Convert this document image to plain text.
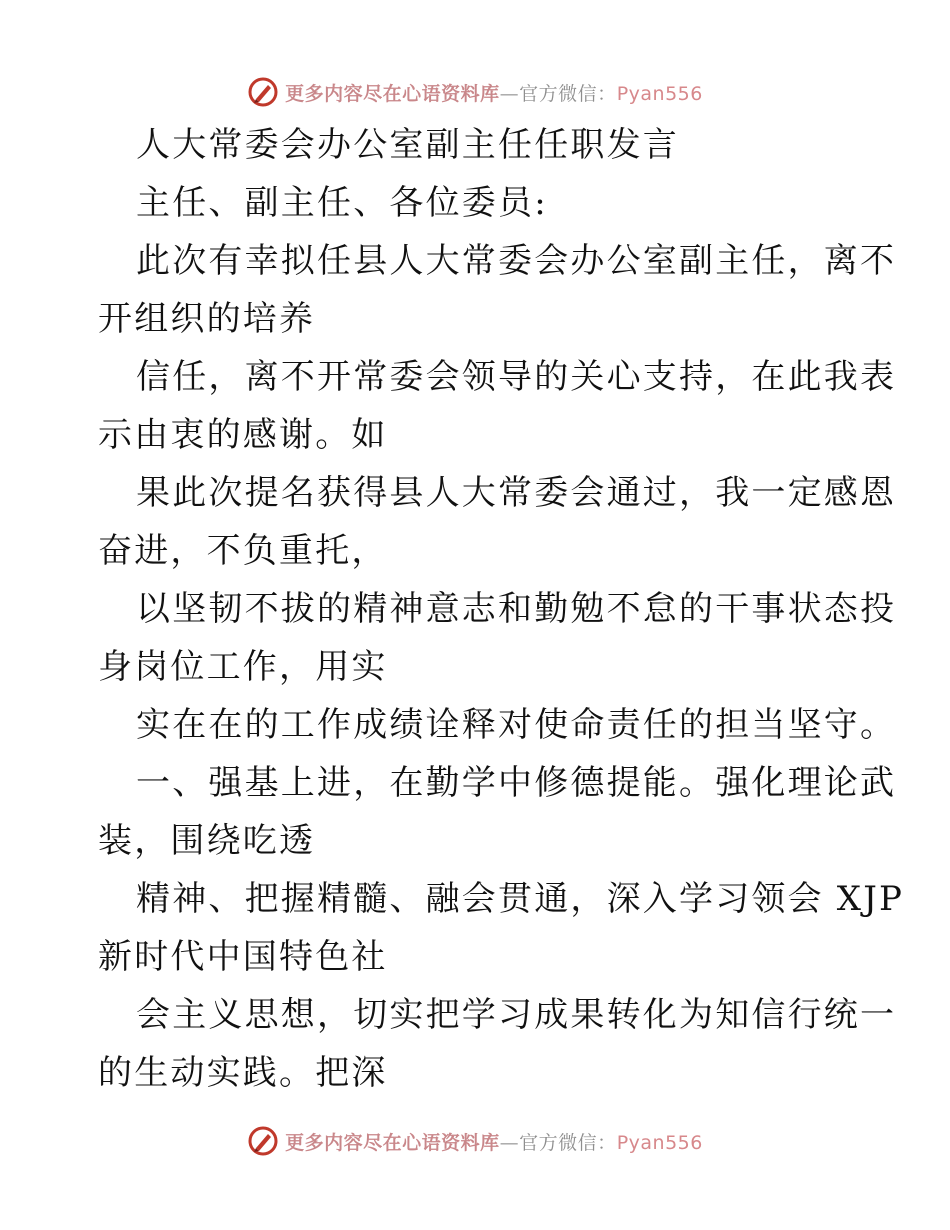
更多内容尽在心语资料库—官方微信：Pyan556
人大常委会办公室副主任任职发言
主任、副主任、各位委员:
此次有幸拟任县人大常委会办公室副主任，离不
开组织的培养
信任，离不开常委会领导的关心支持，在此我表
示由衷的感谢。如
果此次提名获得县人大常委会通过，我一定感恩
奋进，不负重托，
以坚韧不拔的精神意志和勤勉不怠的干事状态投
身岗位工作，用实
实在在的工作成绩诠释对使命责任的担当坚守。
一、强基上进，在勤学中修德提能。强化理论武
装，围绕吃透
精神、把握精髓、融会贯通，深入学习领会 XJP
新时代中国特色社
会主义思想，切实把学习成果转化为知信行统一
的生动实践。把深
更多内容尽在心语资料库—官方微信：Pyan556
